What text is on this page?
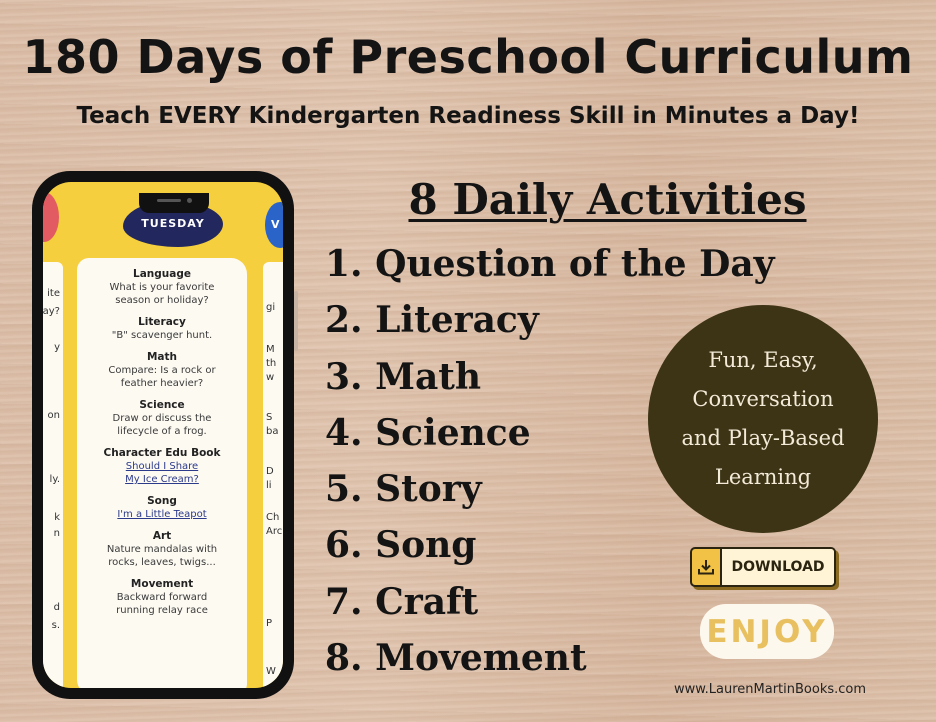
180 Days of Preschool Curriculum
Teach EVERY Kindergarten Readiness Skill in Minutes a Day!
V
ite
ay?
y
on
ly.
k
n
d
s.
gi
M
th
w
S
ba
D
li
Ch
Arc
P
W
TUESDAY
Language
What is your favorite
season or holiday?
Literacy
"B" scavenger hunt.
Math
Compare: Is a rock or
feather heavier?
Science
Draw or discuss the
lifecycle of a frog.
Character Edu Book
Should I Share
My Ice Cream?
Song
I'm a Little Teapot
Art
Nature mandalas with
rocks, leaves, twigs...
Movement
Backward forward
running relay race
8 Daily Activities
1. Question of the Day
2. Literacy
3. Math
4. Science
5. Story
6. Song
7. Craft
8. Movement
Fun, Easy,
Conversation
and Play-Based
Learning
DOWNLOAD
ENJOY
www.LaurenMartinBooks.com
